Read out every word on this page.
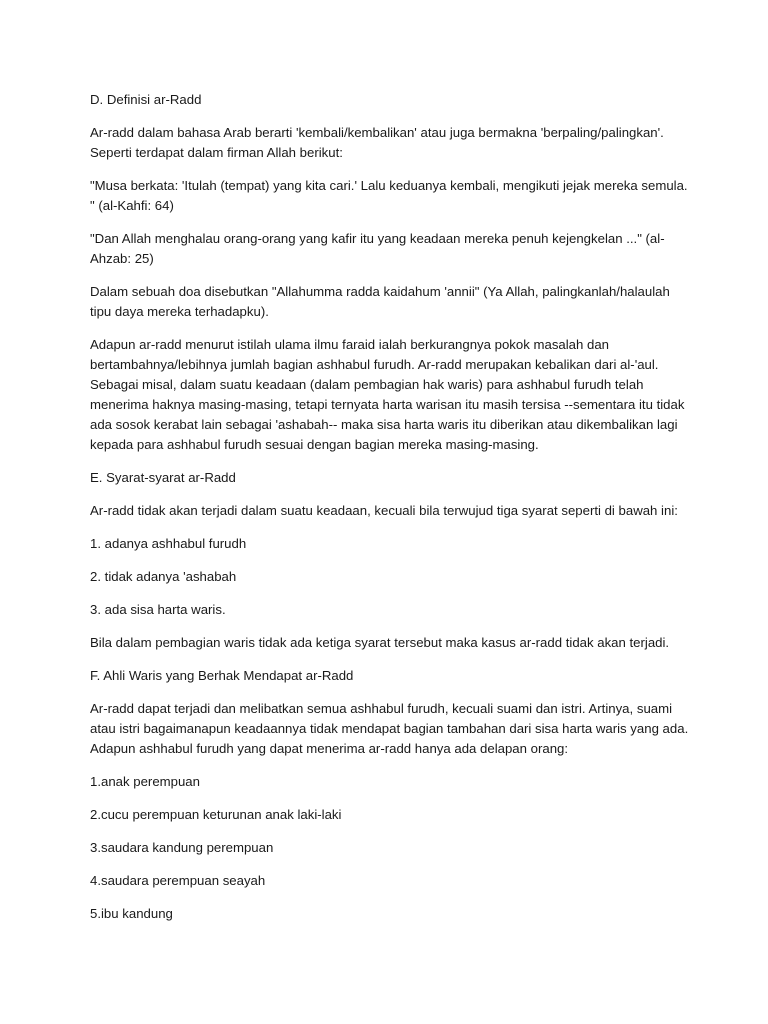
D. Definisi ar-Radd

Ar-radd dalam bahasa Arab berarti 'kembali/kembalikan' atau juga bermakna 'berpaling/palingkan'. Seperti terdapat dalam firman Allah berikut:

"Musa berkata: 'Itulah (tempat) yang kita cari.' Lalu keduanya kembali, mengikuti jejak mereka semula. " (al-Kahfi: 64)

"Dan Allah menghalau orang-orang yang kafir itu yang keadaan mereka penuh kejengkelan ..." (al-Ahzab: 25)

Dalam sebuah doa disebutkan "Allahumma radda kaidahum 'annii" (Ya Allah, palingkanlah/halaulah tipu daya mereka terhadapku).

Adapun ar-radd menurut istilah ulama ilmu faraid ialah berkurangnya pokok masalah dan bertambahnya/lebihnya jumlah bagian ashhabul furudh. Ar-radd merupakan kebalikan dari al-'aul. Sebagai misal, dalam suatu keadaan (dalam pembagian hak waris) para ashhabul furudh telah menerima haknya masing-masing, tetapi ternyata harta warisan itu masih tersisa --sementara itu tidak ada sosok kerabat lain sebagai 'ashabah-- maka sisa harta waris itu diberikan atau dikembalikan lagi kepada para ashhabul furudh sesuai dengan bagian mereka masing-masing.

E. Syarat-syarat ar-Radd

Ar-radd tidak akan terjadi dalam suatu keadaan, kecuali bila terwujud tiga syarat seperti di bawah ini:

1. adanya ashhabul furudh

2. tidak adanya 'ashabah

3. ada sisa harta waris.

Bila dalam pembagian waris tidak ada ketiga syarat tersebut maka kasus ar-radd tidak akan terjadi.

F. Ahli Waris yang Berhak Mendapat ar-Radd

Ar-radd dapat terjadi dan melibatkan semua ashhabul furudh, kecuali suami dan istri. Artinya, suami atau istri bagaimanapun keadaannya tidak mendapat bagian tambahan dari sisa harta waris yang ada. Adapun ashhabul furudh yang dapat menerima ar-radd hanya ada delapan orang:

1.anak perempuan

2.cucu perempuan keturunan anak laki-laki

3.saudara kandung perempuan

4.saudara perempuan seayah

5.ibu kandung
